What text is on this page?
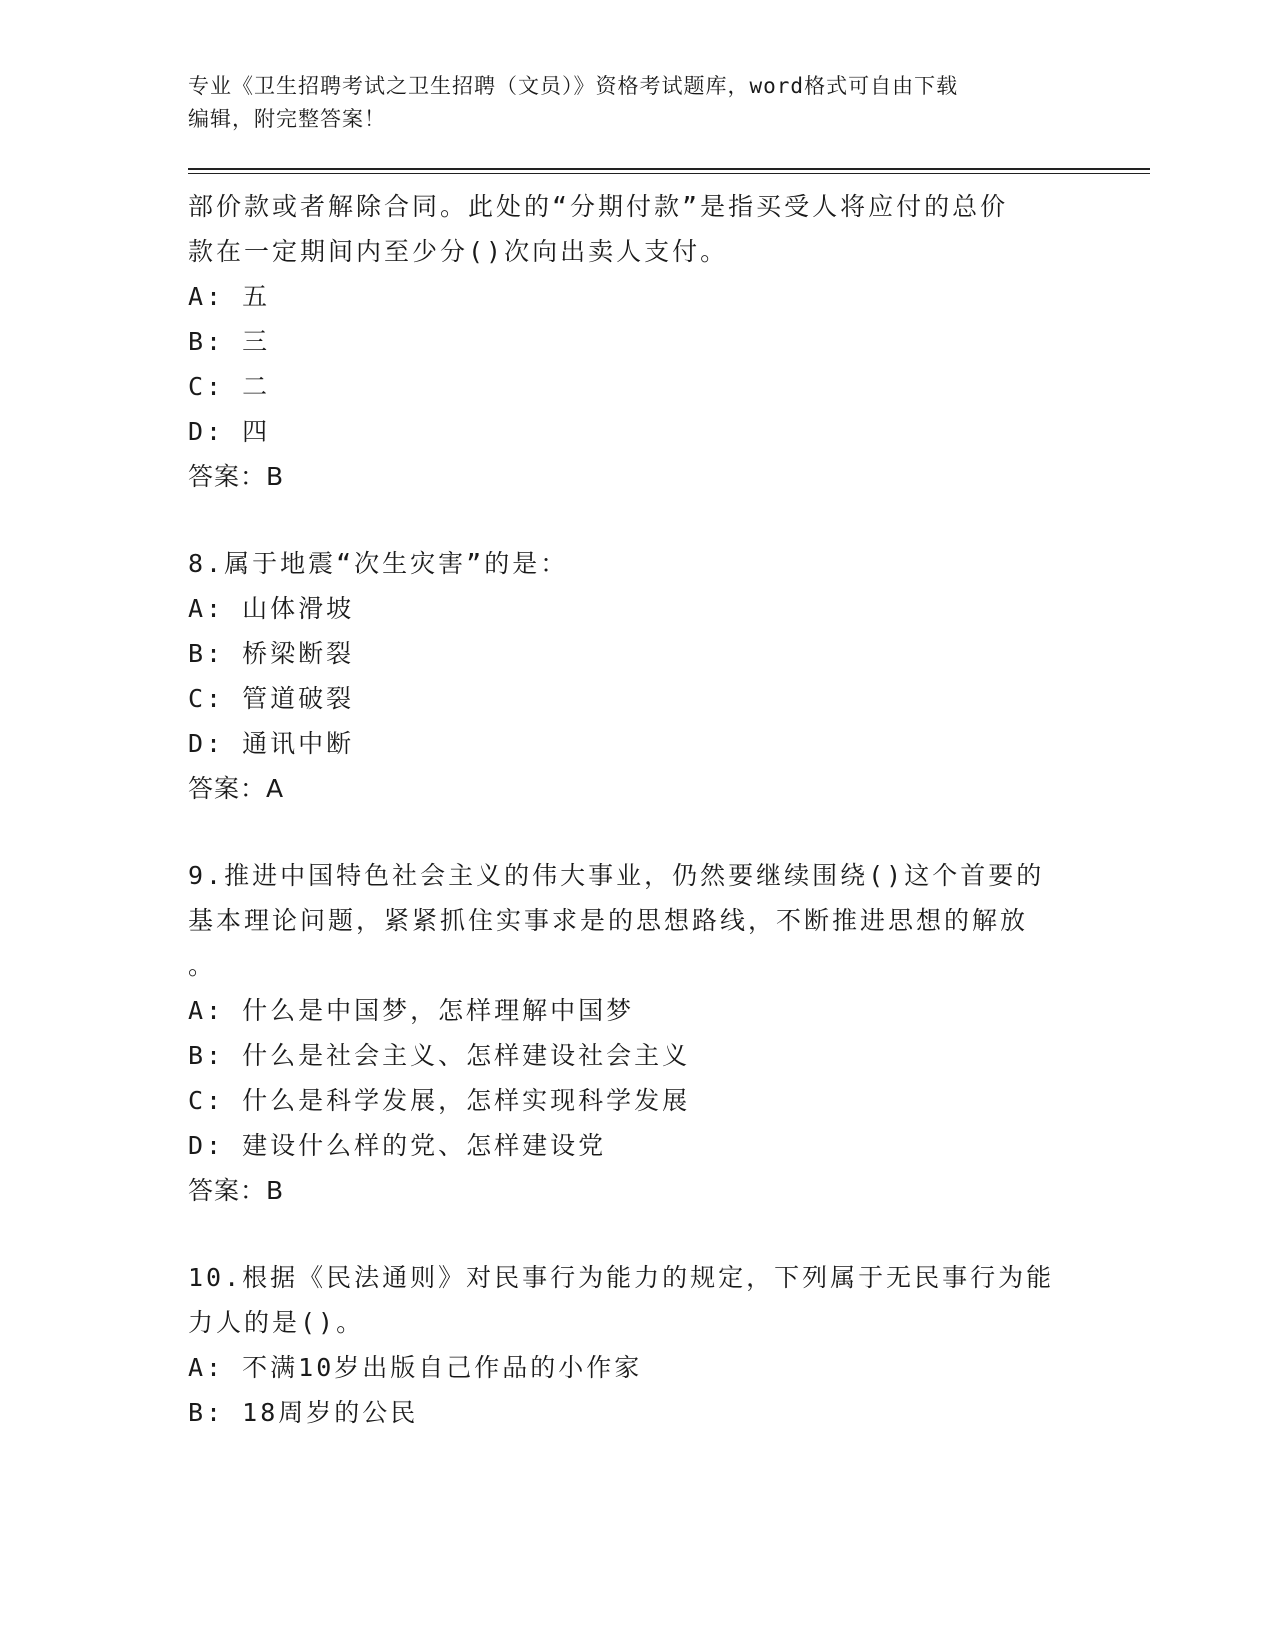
专业《卫生招聘考试之卫生招聘（文员）》资格考试题库，word格式可自由下载
编辑，附完整答案！
部价款或者解除合同。此处的“分期付款”是指买受人将应付的总价
款在一定期间内至少分()次向出卖人支付。
A: 五
B: 三
C: 二
D: 四
答案：B
8.属于地震“次生灾害”的是：
A: 山体滑坡
B: 桥梁断裂
C: 管道破裂
D: 通讯中断
答案：A
9.推进中国特色社会主义的伟大事业，仍然要继续围绕()这个首要的
基本理论问题，紧紧抓住实事求是的思想路线，不断推进思想的解放
。
A: 什么是中国梦，怎样理解中国梦
B: 什么是社会主义、怎样建设社会主义
C: 什么是科学发展，怎样实现科学发展
D: 建设什么样的党、怎样建设党
答案：B
10.根据《民法通则》对民事行为能力的规定，下列属于无民事行为能
力人的是()。
A: 不满10岁出版自己作品的小作家
B: 18周岁的公民
